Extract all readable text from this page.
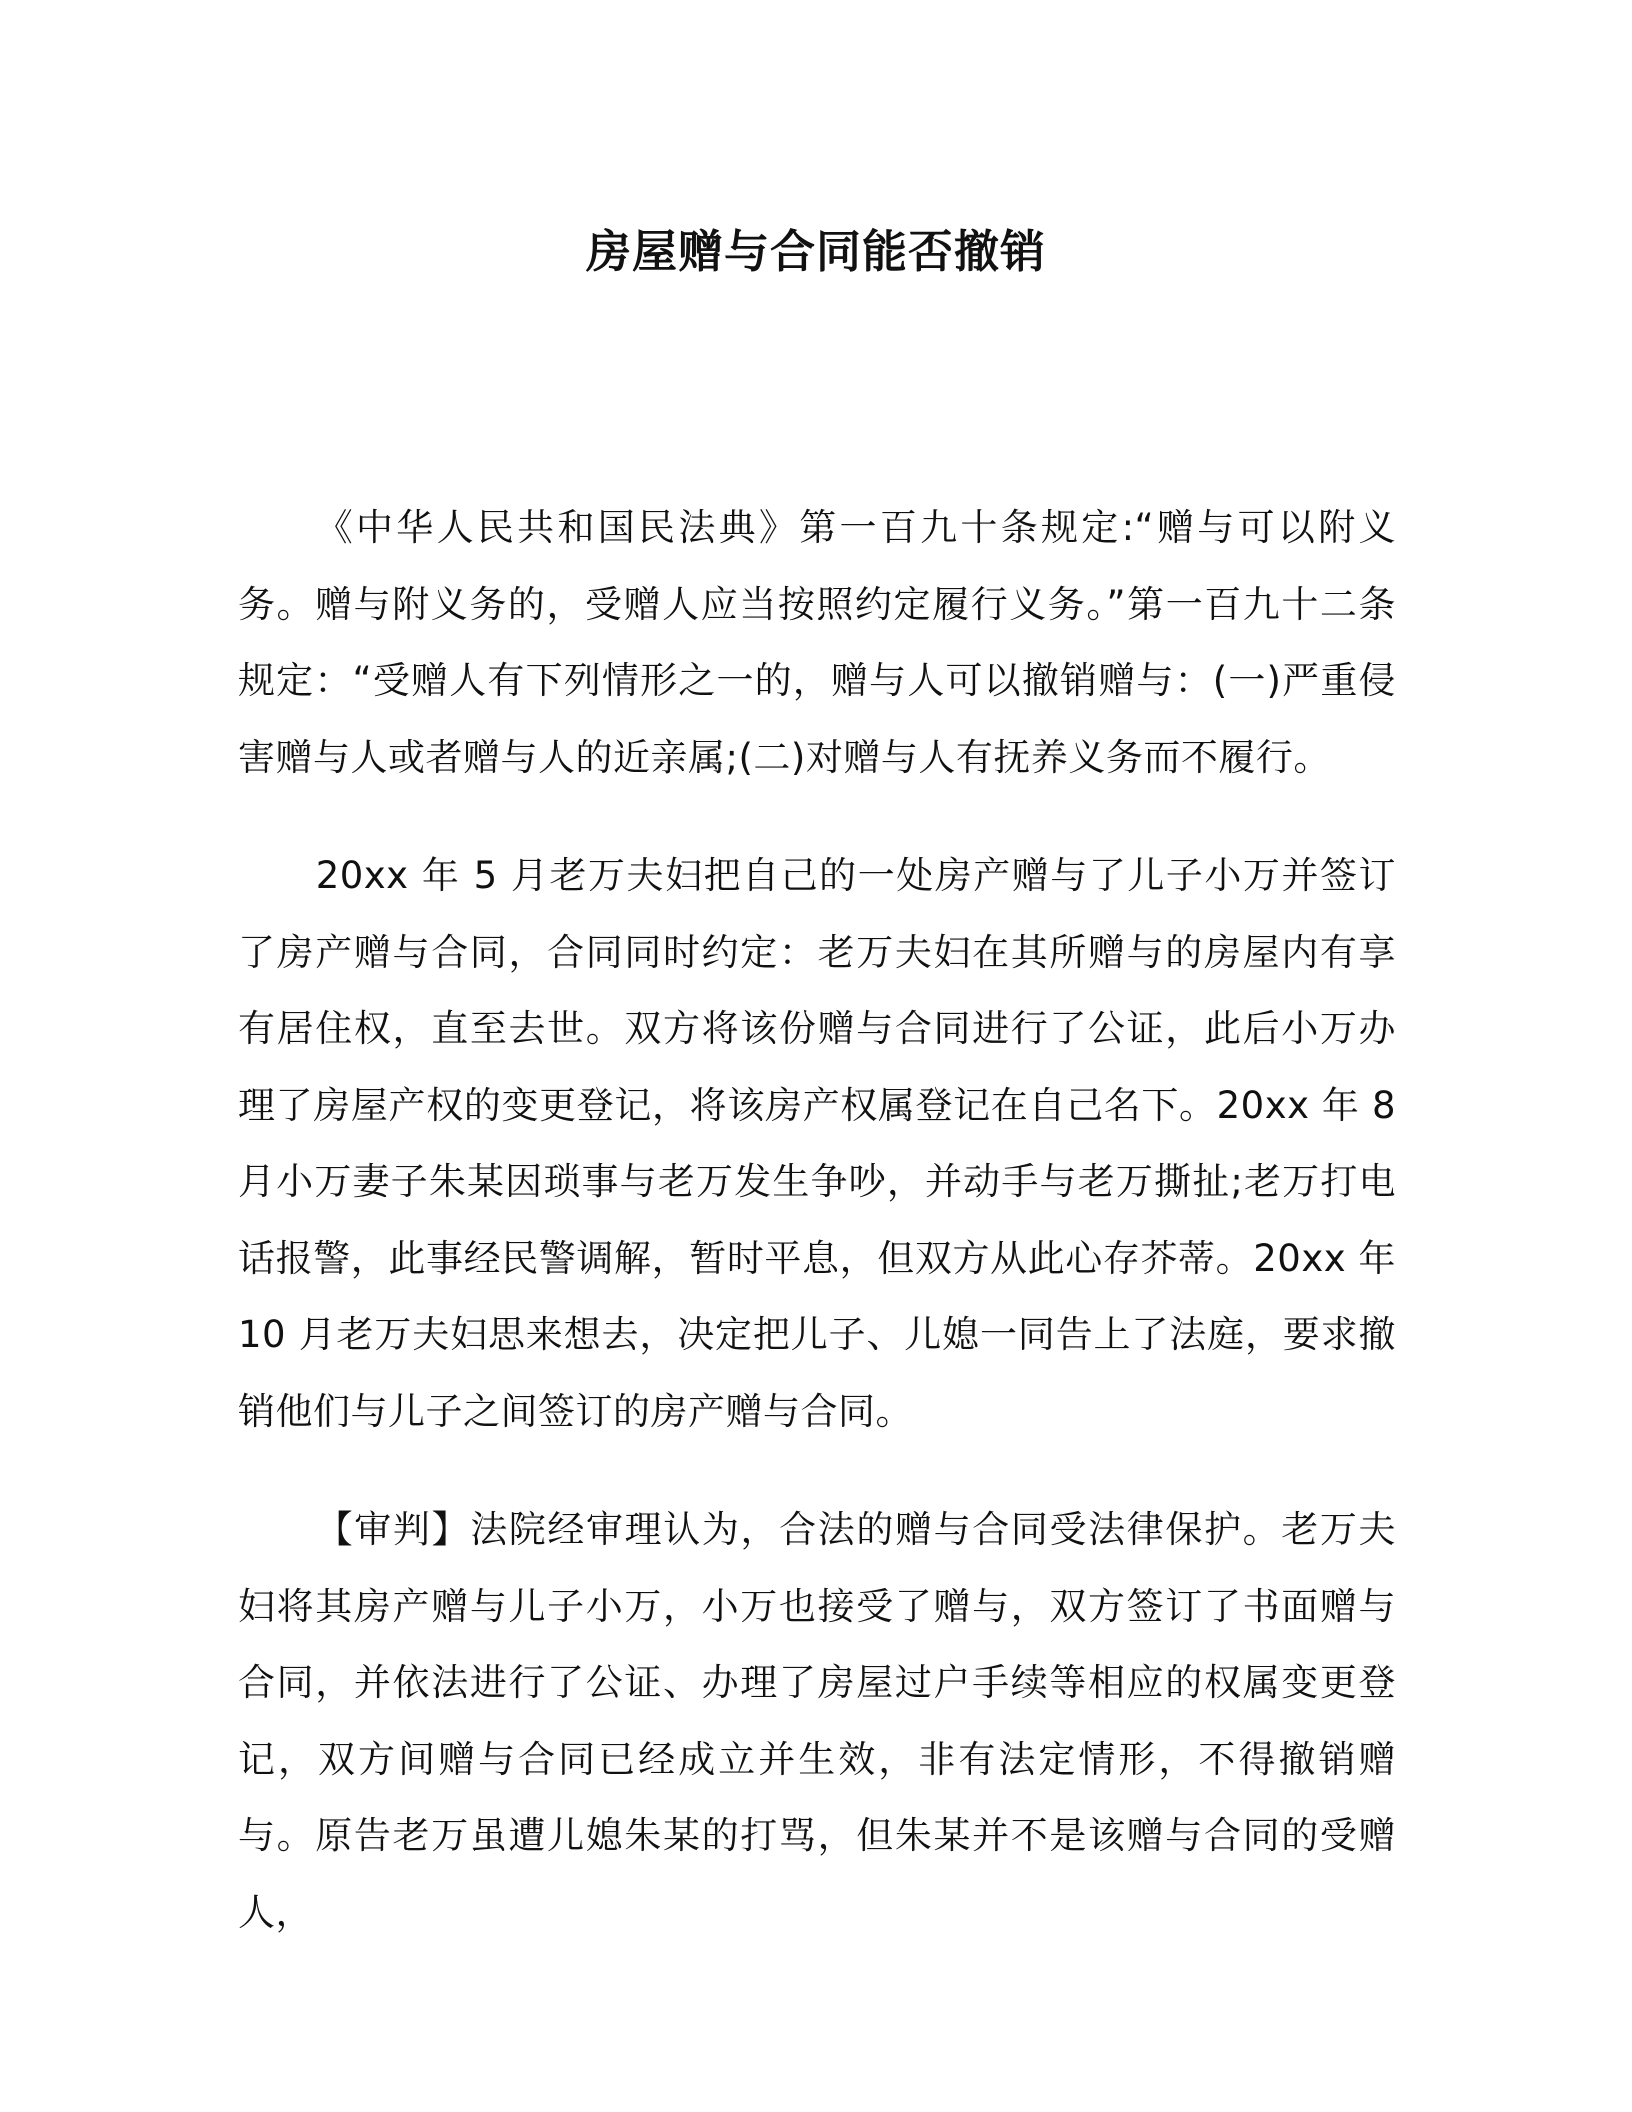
房屋赠与合同能否撤销

《中华人民共和国民法典》第一百九十条规定:“赠与可以附义务。赠与附义务的，受赠人应当按照约定履行义务。”第一百九十二条规定：“受赠人有下列情形之一的，赠与人可以撤销赠与：(一)严重侵害赠与人或者赠与人的近亲属;(二)对赠与人有抚养义务而不履行。

20xx 年 5 月老万夫妇把自己的一处房产赠与了儿子小万并签订了房产赠与合同，合同同时约定：老万夫妇在其所赠与的房屋内有享有居住权，直至去世。双方将该份赠与合同进行了公证，此后小万办理了房屋产权的变更登记，将该房产权属登记在自己名下。20xx 年 8 月小万妻子朱某因琐事与老万发生争吵，并动手与老万撕扯;老万打电话报警，此事经民警调解，暂时平息，但双方从此心存芥蒂。20xx 年 10 月老万夫妇思来想去，决定把儿子、儿媳一同告上了法庭，要求撤销他们与儿子之间签订的房产赠与合同。

【审判】法院经审理认为，合法的赠与合同受法律保护。老万夫妇将其房产赠与儿子小万，小万也接受了赠与，双方签订了书面赠与合同，并依法进行了公证、办理了房屋过户手续等相应的权属变更登记，双方间赠与合同已经成立并生效，非有法定情形，不得撤销赠与。原告老万虽遭儿媳朱某的打骂，但朱某并不是该赠与合同的受赠人，
